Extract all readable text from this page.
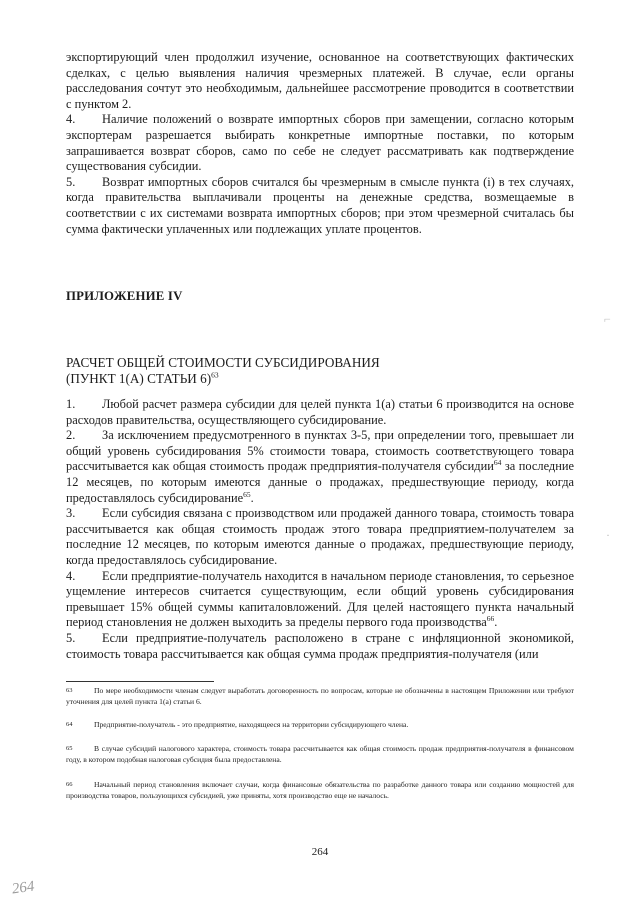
экспортирующий член продолжил изучение, основанное на соответствующих фактических сделках, с целью выявления наличия чрезмерных платежей. В случае, если органы расследования сочтут это необходимым, дальнейшее рассмотрение проводится в соответствии с пунктом 2.

4. Наличие положений о возврате импортных сборов при замещении, согласно которым экспортерам разрешается выбирать конкретные импортные поставки, по которым запрашивается возврат сборов, само по себе не следует рассматривать как подтверждение существования субсидии.

5. Возврат импортных сборов считался бы чрезмерным в смысле пункта (i) в тех случаях, когда правительства выплачивали проценты на денежные средства, возмещаемые в соответствии с их системами возврата импортных сборов; при этом чрезмерной считалась бы сумма фактически уплаченных или подлежащих уплате процентов.

ПРИЛОЖЕНИЕ IV
РАСЧЕТ ОБЩЕЙ СТОИМОСТИ СУБСИДИРОВАНИЯ
(ПУНКТ 1(А) СТАТЬИ 6)$^{63}$

1. Любой расчет размера субсидии для целей пункта 1(а) статьи 6 производится на основе расходов правительства, осуществляющего субсидирование.

2. За исключением предусмотренного в пунктах 3-5, при определении того, превышает ли общий уровень субсидирования 5% стоимости товара, стоимость соответствующего товара рассчитывается как общая стоимость продаж предприятия-получателя субсидии$^{64}$ за последние 12 месяцев, по которым имеются данные о продажах, предшествующие периоду, когда предоставлялось субсидирование$^{65}$.

3. Если субсидия связана с производством или продажей данного товара, стоимость товара рассчитывается как общая стоимость продаж этого товара предприятием-получателем за последние 12 месяцев, по которым имеются данные о продажах, предшествующие периоду, когда предоставлялось субсидирование.

4. Если предприятие-получатель находится в начальном периоде становления, то серьезное ущемление интересов считается существующим, если общий уровень субсидирования превышает 15% общей суммы капиталовложений. Для целей настоящего пункта начальный период становления не должен выходить за пределы первого года производства$^{66}$.

5. Если предприятие-получатель расположено в стране с инфляционной экономикой, стоимость товара рассчитывается как общая сумма продаж предприятия-получателя (или

63	По мере необходимости членам следует выработать договоренность по вопросам, которые не обозначены в настоящем Приложении или требуют уточнения для целей пункта 1(а) статьи 6.
64	Предприятие-получатель - это предприятие, находящееся на территории субсидирующего члена.
65	В случае субсидий налогового характера, стоимость товара рассчитывается как общая стоимость продаж предприятия-получателя в финансовом году, в котором подобная налоговая субсидия была предоставлена.
66	Начальный период становления включает случаи, когда финансовые обязательства по разработке данного товара или созданию мощностей для производства товаров, пользующихся субсидией, уже приняты, хотя производство еще не началось.
264
264
⌐
·
